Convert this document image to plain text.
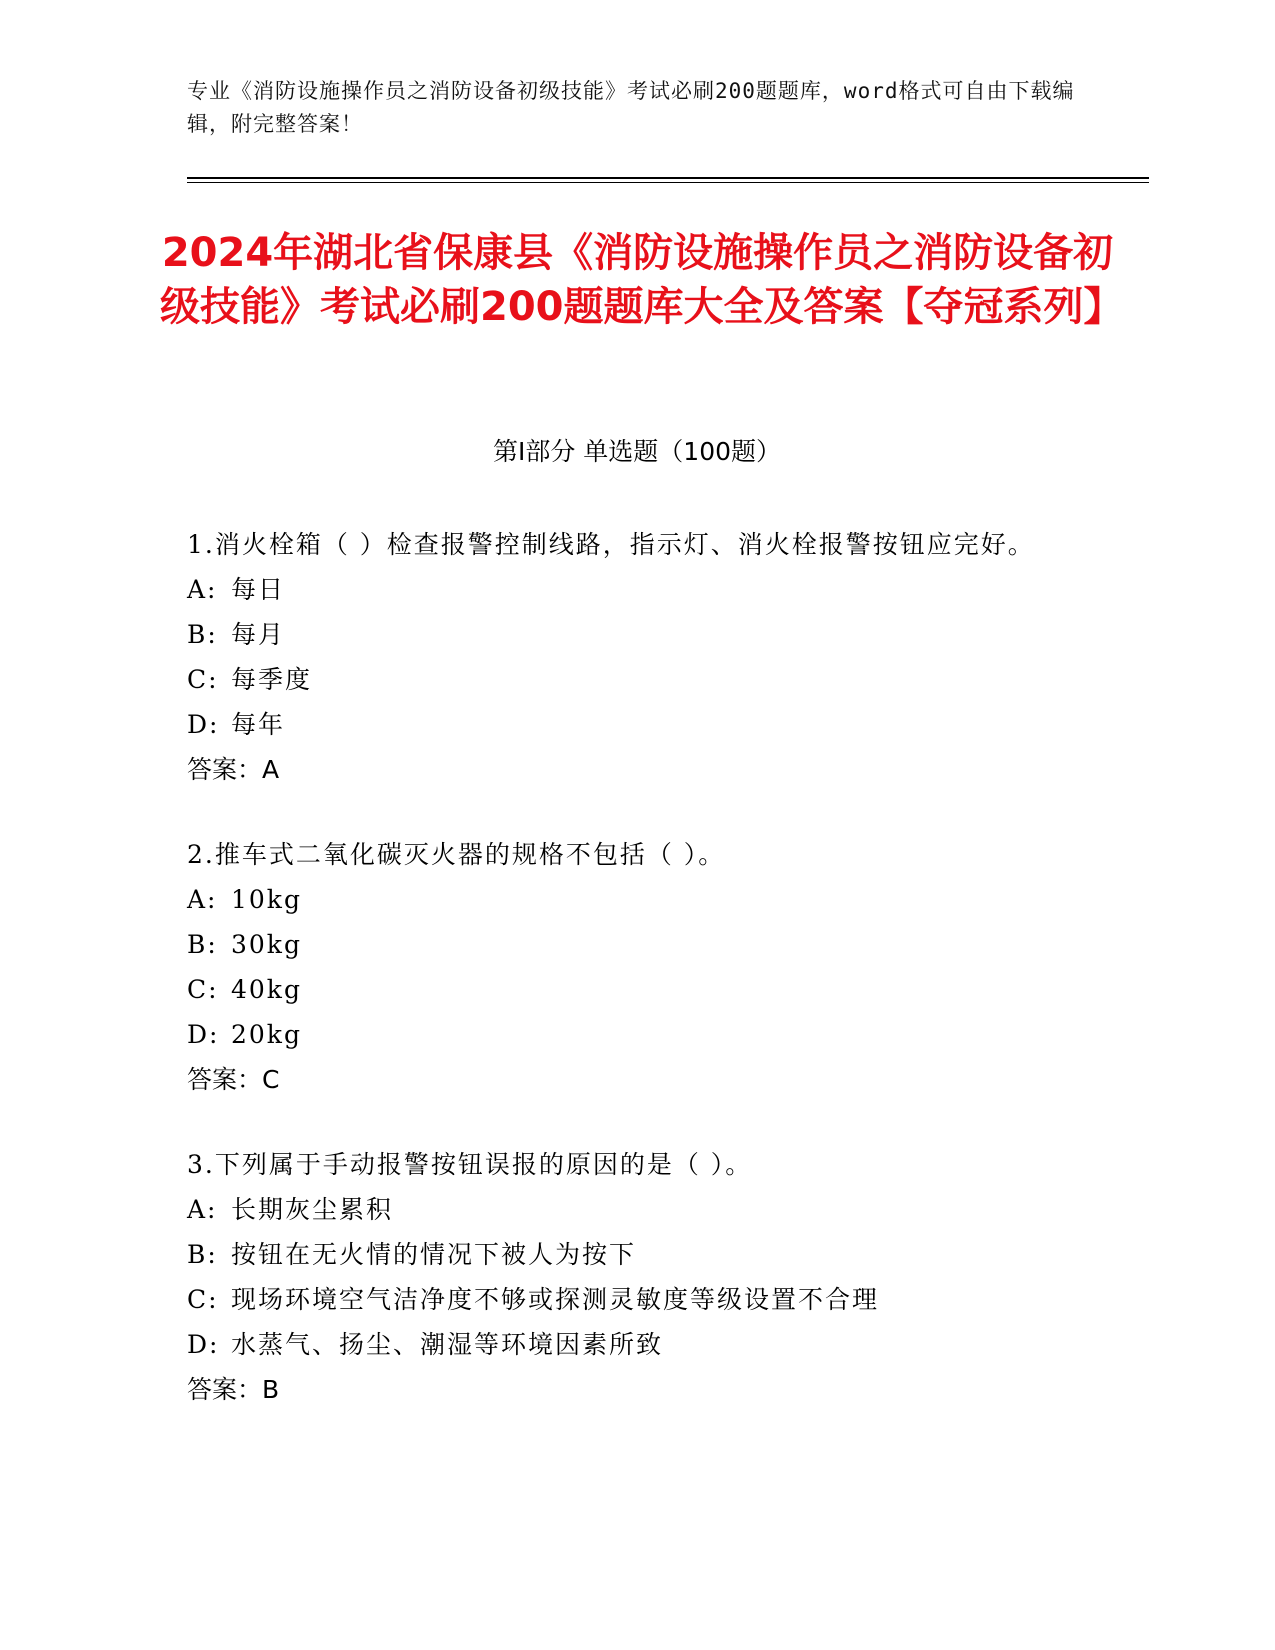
专业《消防设施操作员之消防设备初级技能》考试必刷200题题库，word格式可自由下载编辑，附完整答案！
2024年湖北省保康县《消防设施操作员之消防设备初级技能》考试必刷200题题库大全及答案【夺冠系列】
第Ⅰ部分 单选题（100题）

1.消火栓箱（ ）检查报警控制线路，指示灯、消火栓报警按钮应完好。

A: 每日

B: 每月

C: 每季度

D: 每年

答案：A

2.推车式二氧化碳灭火器的规格不包括（ ）。

A: 10kg

B: 30kg

C: 40kg

D: 20kg

答案：C

3.下列属于手动报警按钮误报的原因的是（ ）。

A: 长期灰尘累积

B: 按钮在无火情的情况下被人为按下

C: 现场环境空气洁净度不够或探测灵敏度等级设置不合理

D: 水蒸气、扬尘、潮湿等环境因素所致

答案：B
